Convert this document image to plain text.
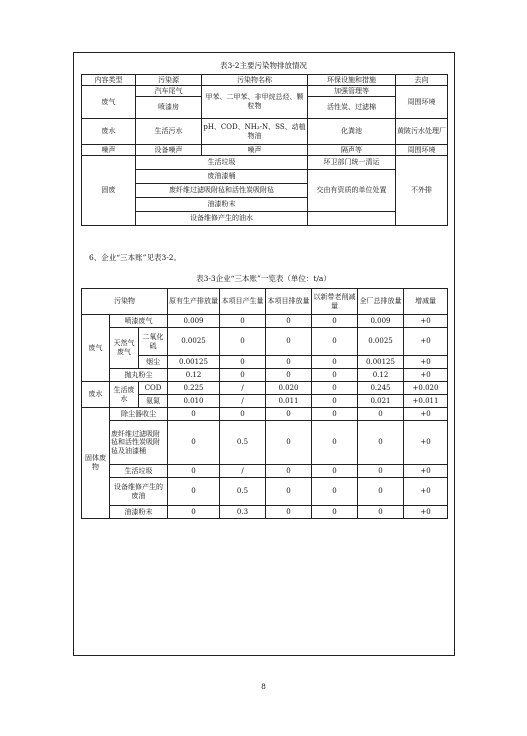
表3-2主要污染物排放情况
内容类型	污染源	污染物名称	环保设施和措施	去向
废气	汽车尾气	甲苯、二甲苯、非甲烷总烃、颗粒物	加强管理等	周围环境
	喷漆房		活性炭、过滤棉	
废水	生活污水	pH、COD、NH₃-N、SS、动植物油	化粪池	黄陂污水处理厂
噪声	设备噪声	噪声	隔声等	周围环境
固废	生活垃圾		环卫部门统一清运	不外排
	废油漆桶		交由有资质的单位处置	
	废纤维过滤吸附毡和活性炭吸附毡			
	油漆粉末			
	设备维修产生的油水			
6、企业“三本账”见表3-2。
表3-3企业“三本账”一览表（单位：t/a）
污染物			原有生产排放量	本项目产生量	本项目排放量	以新带老削减量	全厂总排放量	增减量
废气	喷漆废气		0.009	0	0	0	0.009	+0
	天然气废气	二氧化硫	0.0025	0	0	0	0.0025	+0
		烟尘	0.00125	0	0	0	0.00125	+0
	抛丸粉尘		0.12	0	0	0	0.12	+0
废水	生活废水	COD	0.225	/	0.020	0	0.245	+0.020
		氨氮	0.010	/	0.011	0	0.021	+0.011
固体废物	除尘器收尘		0	0	0	0	0	+0
	废纤维过滤吸附毡和活性炭吸附毡及油漆桶		0	0.5	0	0	0	+0
	生活垃圾		0	/	0	0	0	+0
	设备维修产生的废油		0	0.5	0	0	0	+0
	油漆粉末		0	0.3	0	0	0	+0
8
